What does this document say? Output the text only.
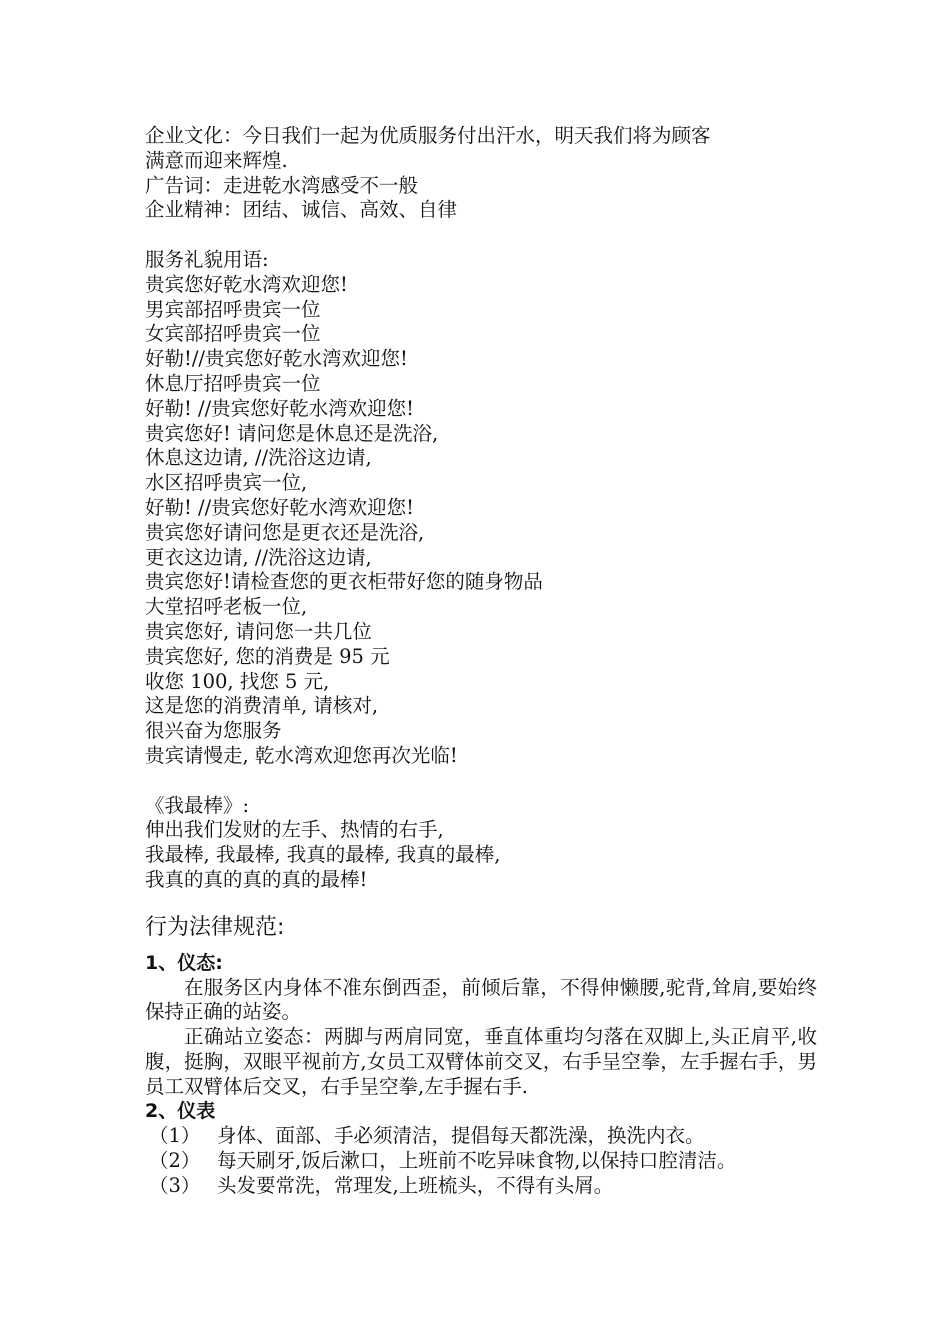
企业文化：今日我们一起为优质服务付出汗水，明天我们将为顾客
满意而迎来辉煌.
广告词：走进乾水湾感受不一般
企业精神：团结、诚信、高效、自律
服务礼貌用语:
贵宾您好乾水湾欢迎您!
男宾部招呼贵宾一位
女宾部招呼贵宾一位
好勒!//贵宾您好乾水湾欢迎您!
休息厅招呼贵宾一位
好勒! //贵宾您好乾水湾欢迎您!
贵宾您好! 请问您是休息还是洗浴,
休息这边请, //洗浴这边请,
水区招呼贵宾一位,
好勒! //贵宾您好乾水湾欢迎您!
贵宾您好请问您是更衣还是洗浴,
更衣这边请, //洗浴这边请,
贵宾您好!请检查您的更衣柜带好您的随身物品
大堂招呼老板一位,
贵宾您好, 请问您一共几位
贵宾您好, 您的消费是 95 元
收您 100, 找您 5 元,
这是您的消费清单, 请核对,
很兴奋为您服务
贵宾请慢走, 乾水湾欢迎您再次光临!
《我最棒》:
伸出我们发财的左手、热情的右手,
我最棒, 我最棒, 我真的最棒, 我真的最棒,
我真的真的真的真的最棒!
行为法律规范:
1、仪态:
在服务区内身体不准东倒西歪，前倾后靠，不得伸懒腰,驼背,耸肩,要始终保持正确的站姿。
正确站立姿态：两脚与两肩同宽，垂直体重均匀落在双脚上,头正肩平,收腹，挺胸，双眼平视前方,女员工双臂体前交叉，右手呈空拳，左手握右手，男员工双臂体后交叉，右手呈空拳,左手握右手.
2、仪表
（1） 身体、面部、手必须清洁，提倡每天都洗澡，换洗内衣。
（2） 每天刷牙,饭后漱口，上班前不吃异味食物,以保持口腔清洁。
（3） 头发要常洗，常理发,上班梳头，不得有头屑。
